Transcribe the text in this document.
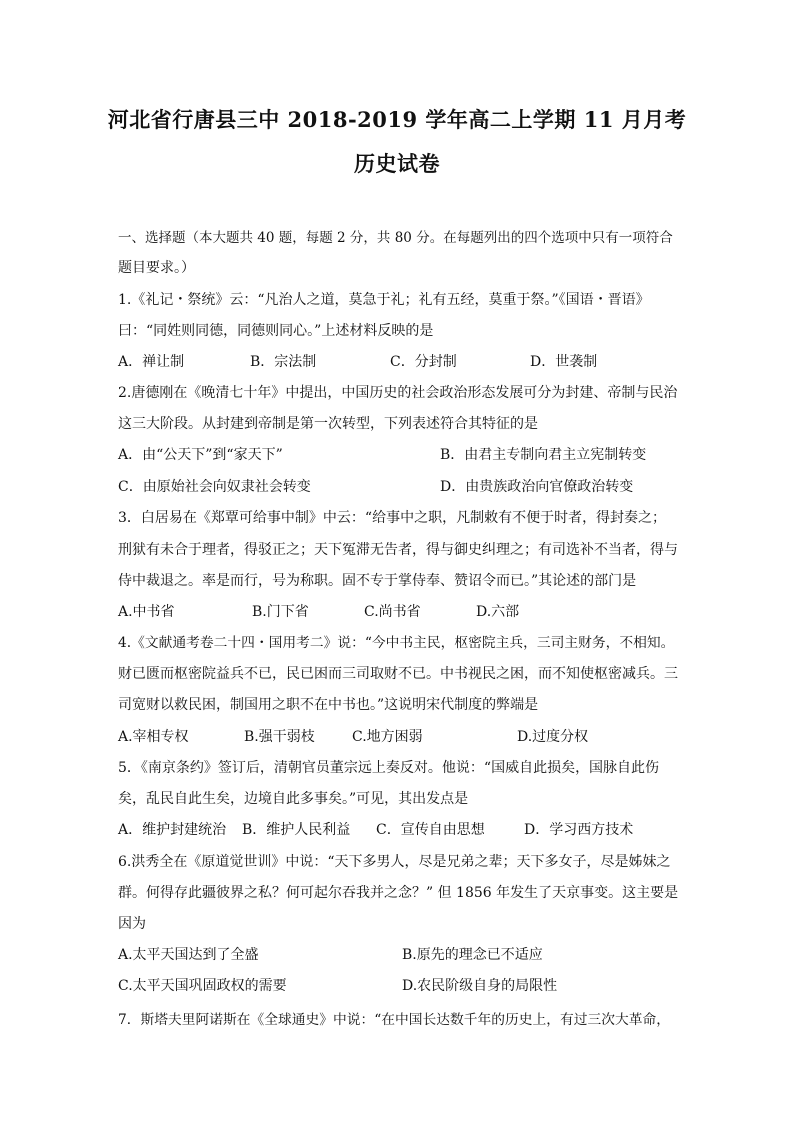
河北省行唐县三中 2018-2019 学年高二上学期 11 月月考
历史试卷
一、选择题（本大题共 40 题，每题 2 分，共 80 分。在每题列出的四个选项中只有一项符合
题目要求。）
1.《礼记・祭统》云：“凡治人之道，莫急于礼；礼有五经，莫重于祭。”《国语・晋语》
曰：“同姓则同德，同德则同心。”上述材料反映的是
A．禅让制	B．宗法制	C．分封制	D．世袭制
2.唐德刚在《晚清七十年》中提出，中国历史的社会政治形态发展可分为封建、帝制与民治
这三大阶段。从封建到帝制是第一次转型，下列表述符合其特征的是
A．由“公天下”到“家天下”	B．由君主专制向君主立宪制转变
C．由原始社会向奴隶社会转变	D．由贵族政治向官僚政治转变
3．白居易在《郑覃可给事中制》中云：“给事中之职，凡制敕有不便于时者，得封奏之；
刑狱有未合于理者，得驳正之；天下冤滞无告者，得与御史纠理之；有司选补不当者，得与
侍中裁退之。率是而行，号为称职。固不专于掌侍奉、赞诏令而已。”其论述的部门是
A.中书省	B.门下省	C.尚书省	D.六部
4.《文献通考卷二十四・国用考二》说：“今中书主民，枢密院主兵，三司主财务，不相知。
财已匮而枢密院益兵不已，民已困而三司取财不已。中书视民之困，而不知使枢密减兵。三
司宽财以救民困，制国用之职不在中书也。”这说明宋代制度的弊端是
A.宰相专权	B.强干弱枝	C.地方困弱	D.过度分权
5．《南京条约》签订后，清朝官员董宗远上奏反对。他说：“国威自此损矣，国脉自此伤
矣，乱民自此生矣，边境自此多事矣。”可见，其出发点是
A．维护封建统治 B．维护人民利益 C．宣传自由思想	D．学习西方技术
6.洪秀全在《原道觉世训》中说：“天下多男人，尽是兄弟之辈；天下多女子，尽是姊妹之
群。何得存此疆彼界之私？何可起尔吞我并之念？” 但 1856 年发生了天京事变。这主要是
因为
A.太平天国达到了全盛	B.原先的理念已不适应
C.太平天国巩固政权的需要	D.农民阶级自身的局限性
7．斯塔夫里阿诺斯在《全球通史》中说：“在中国长达数千年的历史上，有过三次大革命，
